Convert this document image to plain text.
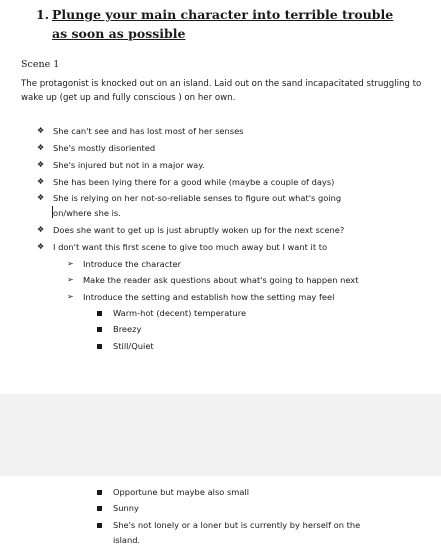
1. Plunge your main character into terrible trouble as soon as possible
Scene 1
The protagonist is knocked out on an island. Laid out on the sand incapacitated struggling to wake up (get up and fully conscious ) on her own.
❖ She can't see and has lost most of her senses
❖ She's mostly disoriented
❖ She's injured but not in a major way.
❖ She has been lying there for a good while (maybe a couple of days)
❖ She is relying on her not-so-reliable senses to figure out what's going
on/where she is.
❖ Does she want to get up is just abruptly woken up for the next scene?
❖ I don't want this first scene to give too much away but I want it to
➢ Introduce the character
➢ Make the reader ask questions about what's going to happen next
➢ Introduce the setting and establish how the setting may feel
Warm-hot (decent) temperature
Breezy
Still/Quiet
Opportune but maybe also small
Sunny
She's not lonely or a loner but is currently by herself on the
island.
